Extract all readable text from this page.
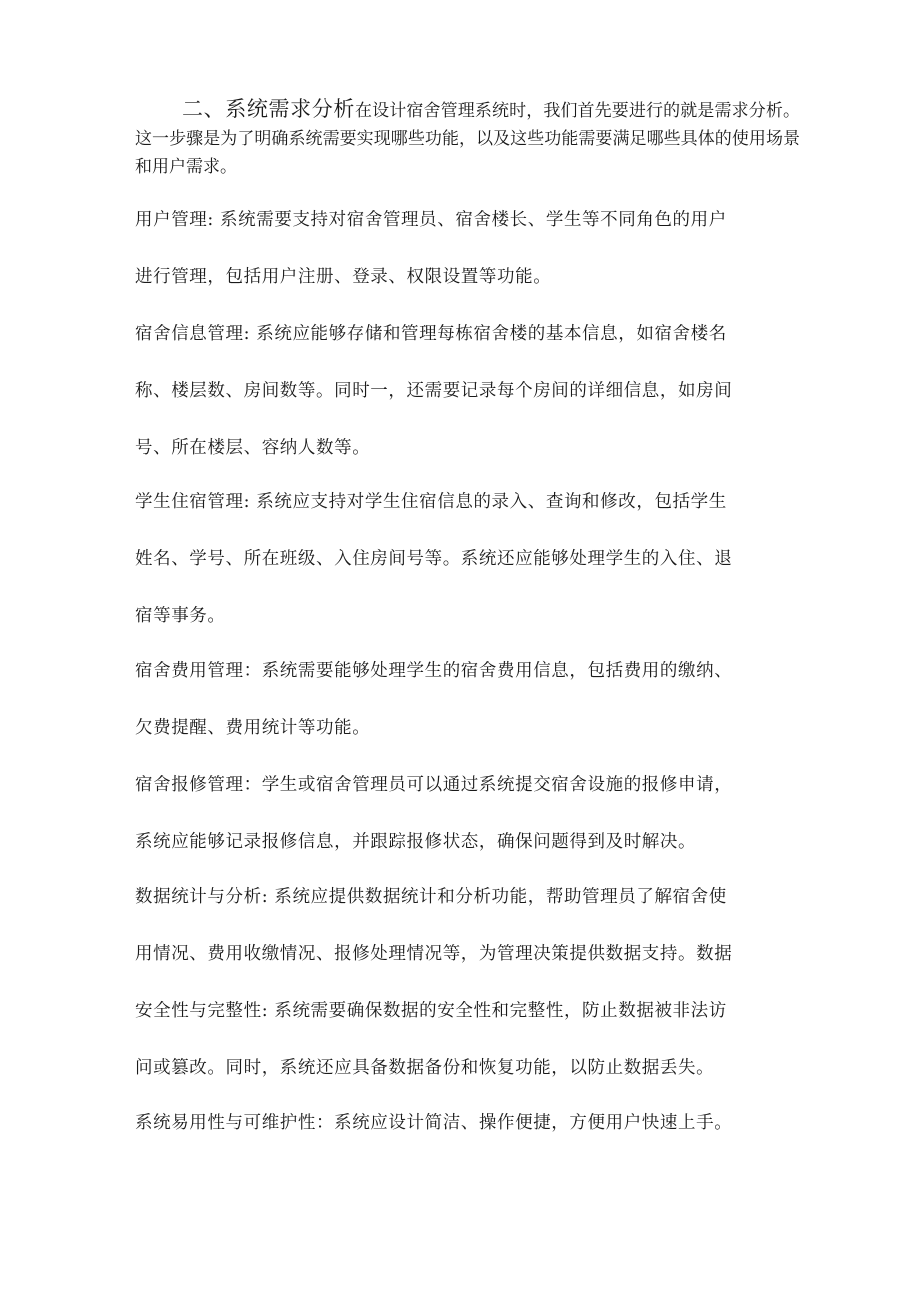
二、系统需求分析在设计宿舍管理系统时，我们首先要进行的就是需求分析。这一步骤是为了明确系统需要实现哪些功能，以及这些功能需要满足哪些具体的使用场景和用户需求。

用户管理: 系统需要支持对宿舍管理员、宿舍楼长、学生等不同角色的用户
进行管理，包括用户注册、登录、权限设置等功能。
宿舍信息管理: 系统应能够存储和管理每栋宿舍楼的基本信息，如宿舍楼名
称、楼层数、房间数等。同时一，还需要记录每个房间的详细信息，如房间
号、所在楼层、容纳人数等。
学生住宿管理: 系统应支持对学生住宿信息的录入、查询和修改，包括学生
姓名、学号、所在班级、入住房间号等。系统还应能够处理学生的入住、退
宿等事务。
宿舍费用管理：系统需要能够处理学生的宿舍费用信息，包括费用的缴纳、
欠费提醒、费用统计等功能。
宿舍报修管理：学生或宿舍管理员可以通过系统提交宿舍设施的报修申请，
系统应能够记录报修信息，并跟踪报修状态，确保问题得到及时解决。
数据统计与分析: 系统应提供数据统计和分析功能，帮助管理员了解宿舍使
用情况、费用收缴情况、报修处理情况等，为管理决策提供数据支持。数据
安全性与完整性: 系统需要确保数据的安全性和完整性，防止数据被非法访
问或篡改。同时，系统还应具备数据备份和恢复功能，以防止数据丢失。
系统易用性与可维护性：系统应设计简洁、操作便捷，方便用户快速上手。
